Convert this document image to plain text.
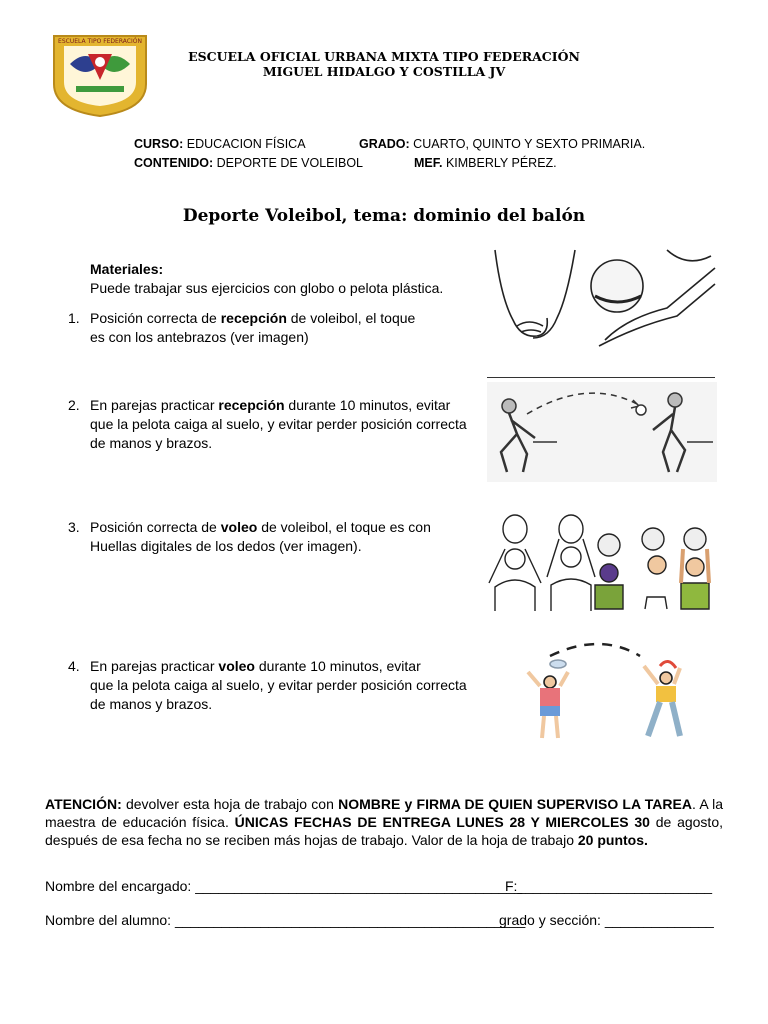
ESCUELA TIPO FEDERACIÓN
ESCUELA OFICIAL URBANA MIXTA TIPO FEDERACIÓN
MIGUEL HIDALGO Y COSTILLA JV
CURSO: EDUCACION FÍSICA	GRADO: CUARTO, QUINTO Y SEXTO PRIMARIA.
CONTENIDO: DEPORTE DE VOLEIBOL	MEF. KIMBERLY PÉREZ.
Deporte Voleibol, tema: dominio del balón
Materiales:
Puede trabajar sus ejercicios con globo o pelota plástica.
1. Posición correcta de recepción de voleibol, el toque
es con los antebrazos (ver imagen)
2. En parejas practicar recepción durante 10 minutos, evitar
que la pelota caiga al suelo, y evitar perder posición correcta
de manos y brazos.
3. Posición correcta de voleo de voleibol, el toque es con
Huellas digitales de los dedos (ver imagen).
4. En parejas practicar voleo durante 10 minutos, evitar
que la pelota caiga al suelo, y evitar perder posición correcta
de manos y brazos.
ATENCIÓN: devolver esta hoja de trabajo con NOMBRE y FIRMA DE QUIEN SUPERVISO LA TAREA. A la maestra de educación física. ÚNICAS FECHAS DE ENTREGA LUNES 28 Y MIERCOLES 30 de agosto, después de esa fecha no se reciben más hojas de trabajo. Valor de la hoja de trabajo 20 puntos.
Nombre del encargado: __________________________________________
F:_________________________
Nombre del alumno: _____________________________________________
grado y sección: ______________
